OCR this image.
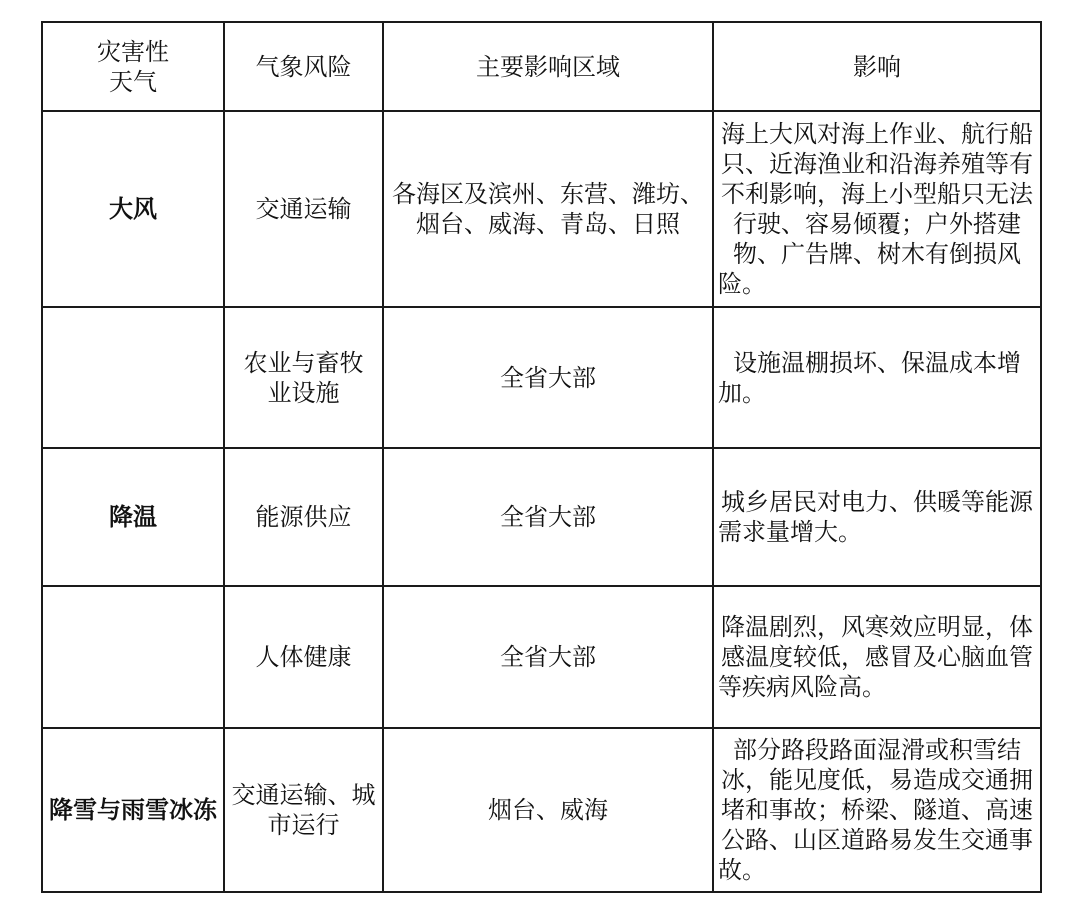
灾害性天气	气象风险	主要影响区域	影响
大风	交通运输	各海区及滨州、东营、潍坊、烟台、威海、青岛、日照	海上大风对海上作业、航行船只、近海渔业和沿海养殖等有不利影响，海上小型船只无法行驶、容易倾覆；户外搭建物、广告牌、树木有倒损风险。
	农业与畜牧业设施	全省大部	设施温棚损坏、保温成本增加。
降温	能源供应	全省大部	城乡居民对电力、供暖等能源需求量增大。
	人体健康	全省大部	降温剧烈，风寒效应明显，体感温度较低，感冒及心脑血管等疾病风险高。
降雪与雨雪冰冻	交通运输、城市运行	烟台、威海	部分路段路面湿滑或积雪结冰，能见度低，易造成交通拥堵和事故；桥梁、隧道、高速公路、山区道路易发生交通事故。
